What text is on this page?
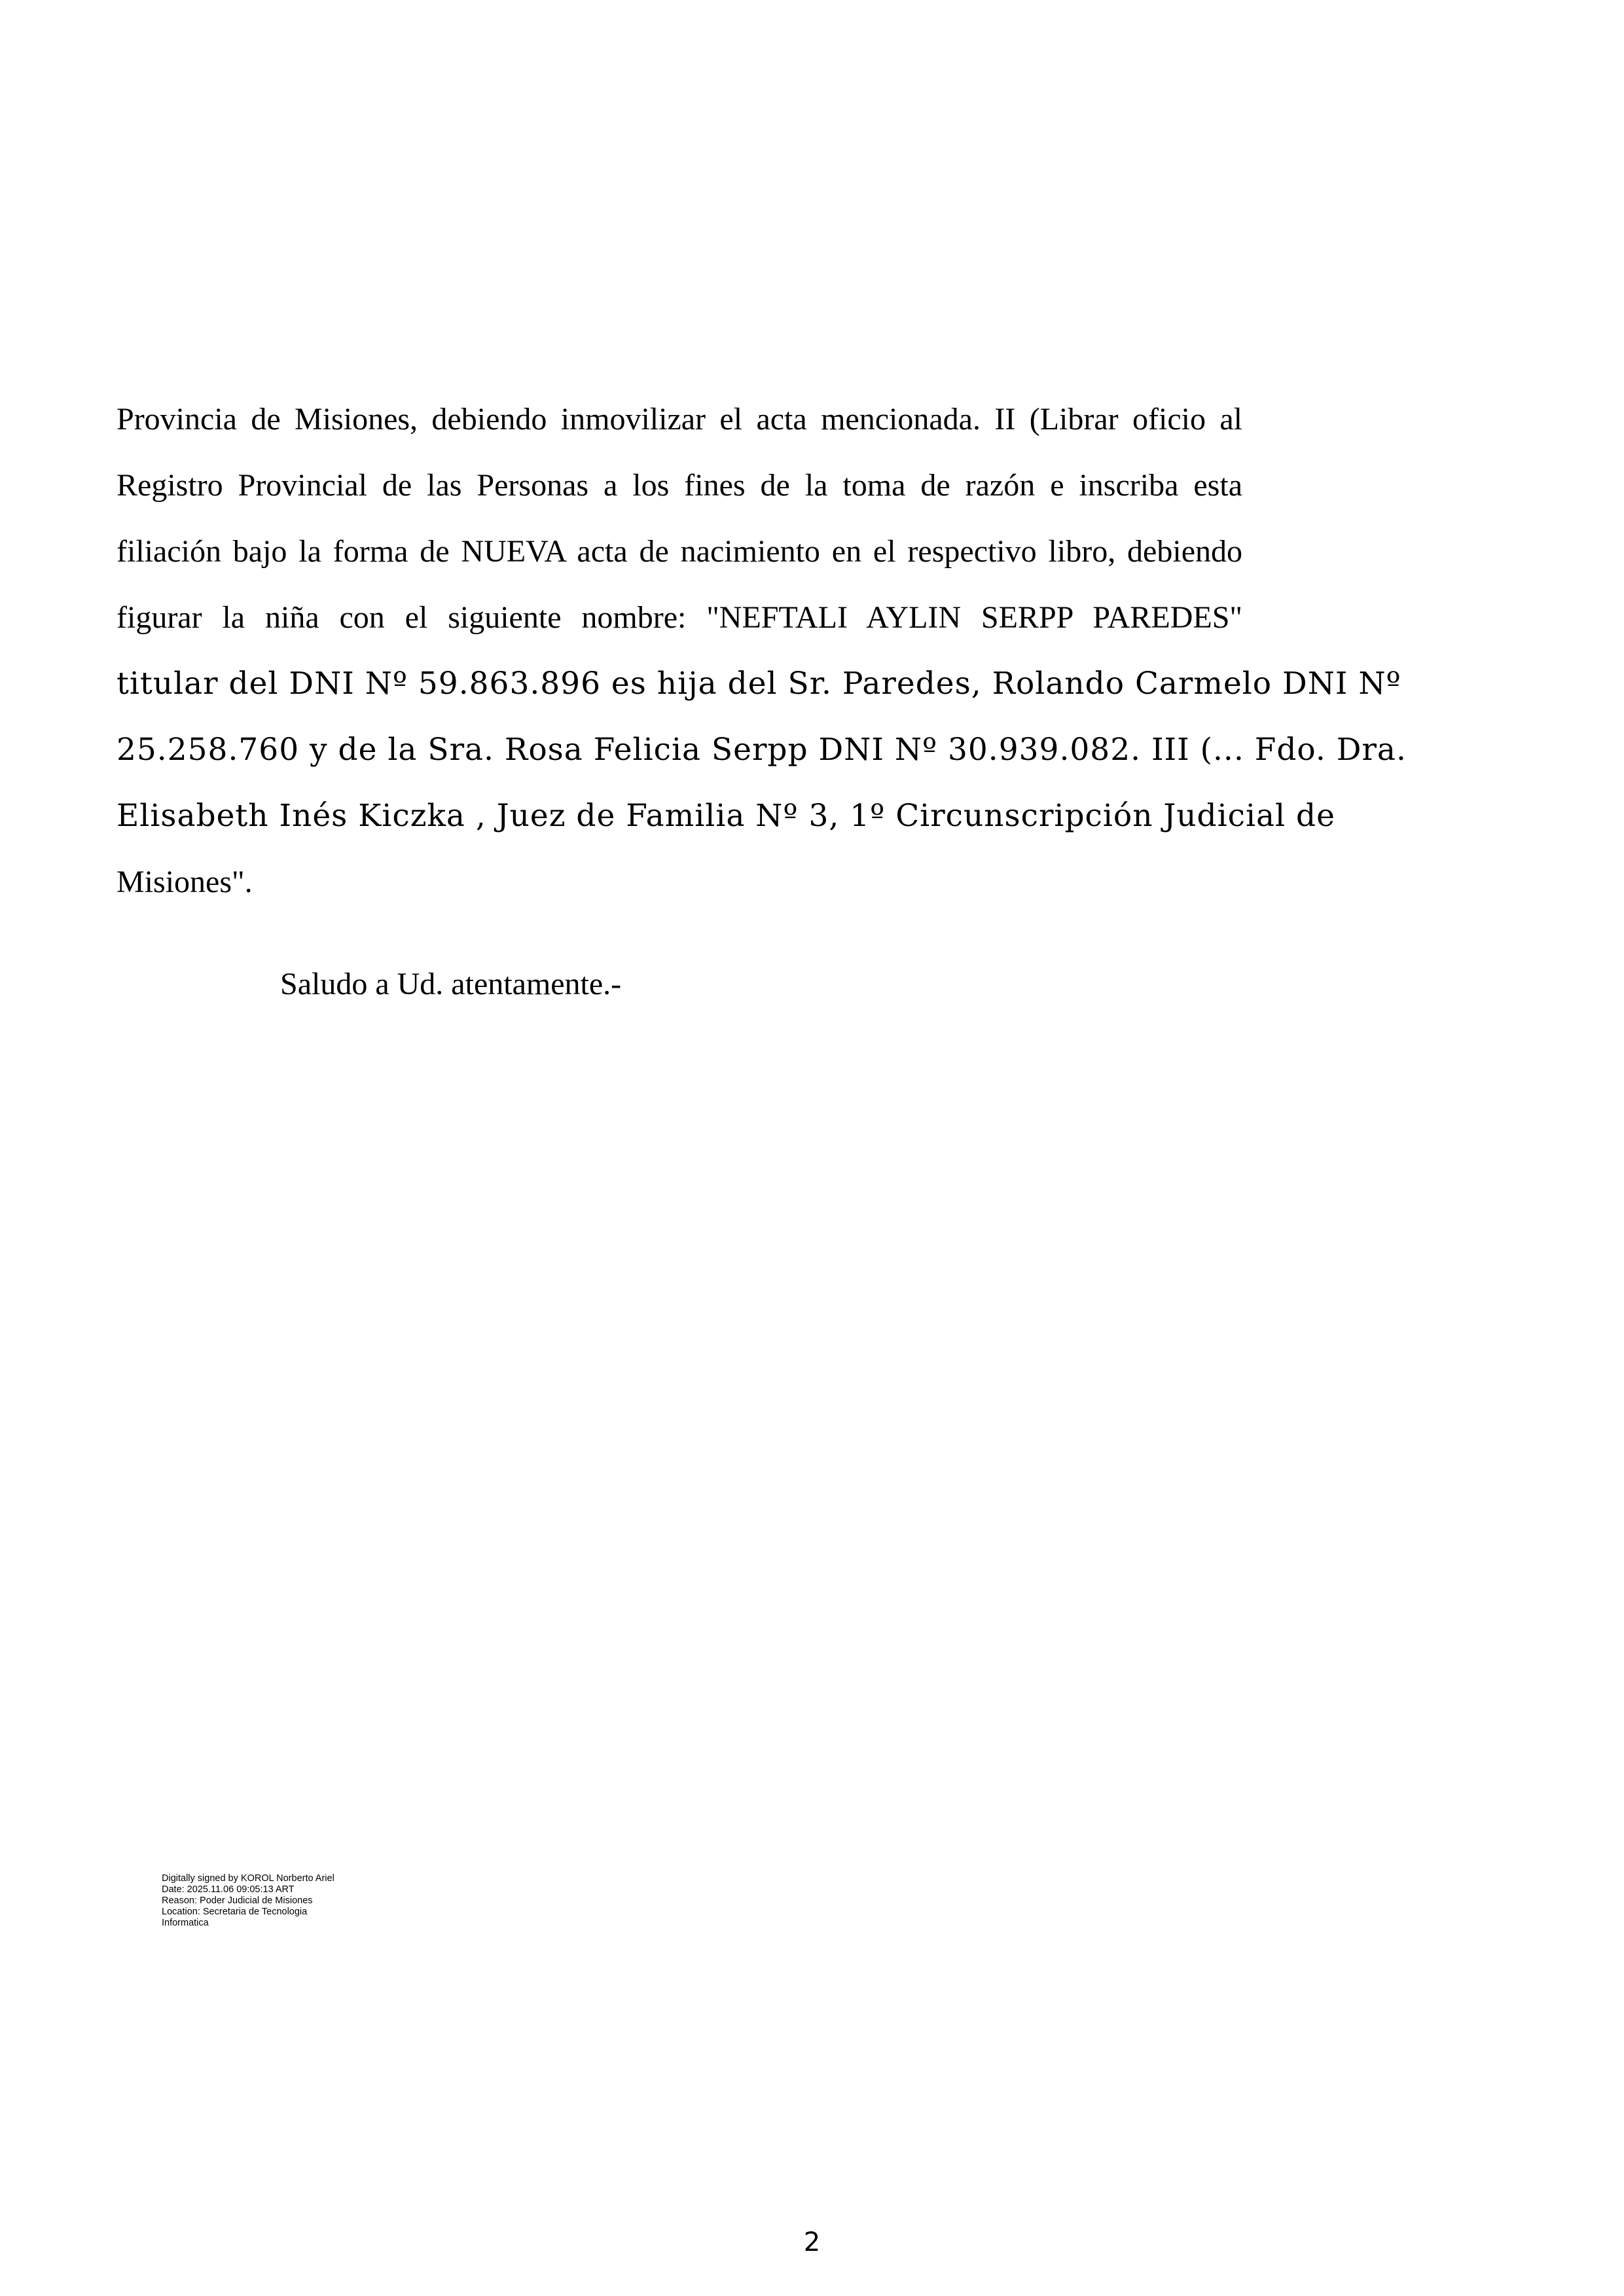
Provincia de Misiones, debiendo inmovilizar el acta mencionada. II (Librar oficio al
Registro Provincial de las Personas a los fines de la toma de razón e inscriba esta
filiación bajo la forma de NUEVA acta de nacimiento en el respectivo libro, debiendo
figurar la niña con el siguiente nombre: "NEFTALI AYLIN SERPP PAREDES"
titular del DNI Nº 59.863.896 es hija del Sr. Paredes, Rolando Carmelo DNI Nº
25.258.760 y de la Sra. Rosa Felicia Serpp DNI Nº 30.939.082. III (... Fdo. Dra.
Elisabeth Inés Kiczka , Juez de Familia Nº 3, 1º Circunscripción Judicial de
Misiones".

Saludo a Ud. atentamente.-

Digitally signed by KOROL Norberto Ariel
Date: 2025.11.06 09:05:13 ART
Reason: Poder Judicial de Misiones
Location: Secretaria de Tecnologia
Informatica
2
